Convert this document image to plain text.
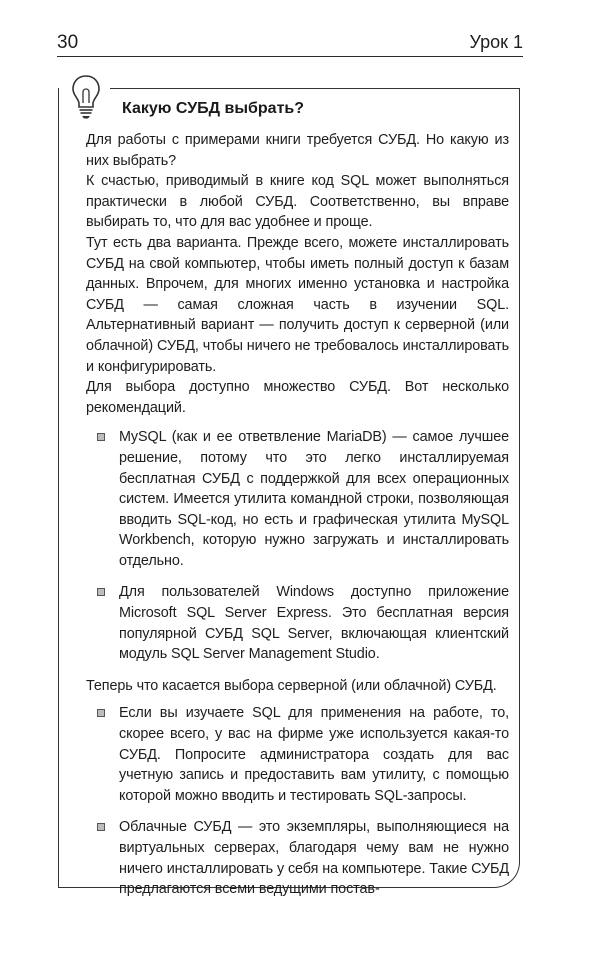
30	Урок 1
Какую СУБД выбрать?

Для работы с примерами книги требуется СУБД. Но какую из них выбрать?

К счастью, приводимый в книге код SQL может выполняться практически в любой СУБД. Соответственно, вы вправе выбирать то, что для вас удобнее и проще.

Тут есть два варианта. Прежде всего, можете инсталлировать СУБД на свой компьютер, чтобы иметь полный доступ к базам данных. Впрочем, для многих именно установка и настройка СУБД — самая сложная часть в изучении SQL. Альтернативный вариант — получить доступ к серверной (или облачной) СУБД, чтобы ничего не требовалось инсталлировать и конфигурировать.

Для выбора доступно множество СУБД. Вот несколько рекомендаций.

MySQL (как и ее ответвление MariaDB) — самое лучшее решение, потому что это легко инсталлируемая бесплатная СУБД с поддержкой для всех операционных систем. Имеется утилита командной строки, позволяющая вводить SQL-код, но есть и графическая утилита MySQL Workbench, которую нужно загружать и инсталлировать отдельно.
Для пользователей Windows доступно приложение Microsoft SQL Server Express. Это бесплатная версия популярной СУБД SQL Server, включающая клиентский модуль SQL Server Management Studio.

Теперь что касается выбора серверной (или облачной) СУБД.

Если вы изучаете SQL для применения на работе, то, скорее всего, у вас на фирме уже используется какая-то СУБД. Попросите администратора создать для вас учетную запись и предоставить вам утилиту, с помощью которой можно вводить и тестировать SQL-запросы.
Облачные СУБД — это экземпляры, выполняющиеся на виртуальных серверах, благодаря чему вам не нужно ничего инсталлировать у себя на компьютере. Такие СУБД предлагаются всеми ведущими постав-
